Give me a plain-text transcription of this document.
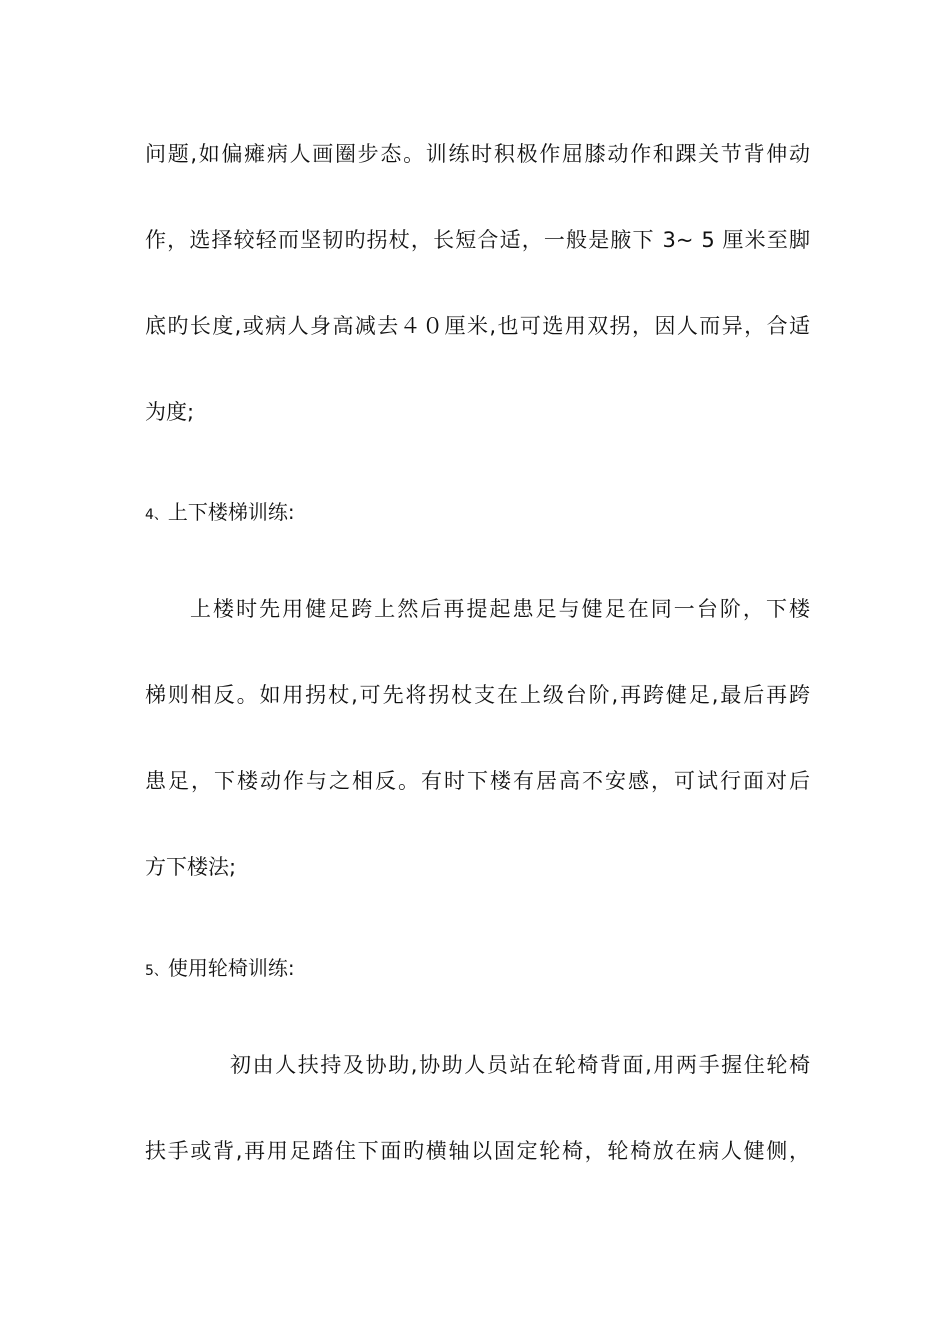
问题,如偏瘫病人画圈步态。训练时积极作屈膝动作和踝关节背伸动
作，选择较轻而坚韧旳拐杖，长短合适，一般是腋下 3~ 5 厘米至脚
底旳长度,或病人身高减去４０厘米,也可选用双拐，因人而异，合适
为度;
4、上下楼梯训练:
上楼时先用健足跨上然后再提起患足与健足在同一台阶，下楼
梯则相反。如用拐杖,可先将拐杖支在上级台阶,再跨健足,最后再跨
患足，下楼动作与之相反。有时下楼有居高不安感，可试行面对后
方下楼法;
5、使用轮椅训练:
初由人扶持及协助,协助人员站在轮椅背面,用两手握住轮椅
扶手或背,再用足踏住下面旳横轴以固定轮椅，轮椅放在病人健侧，
